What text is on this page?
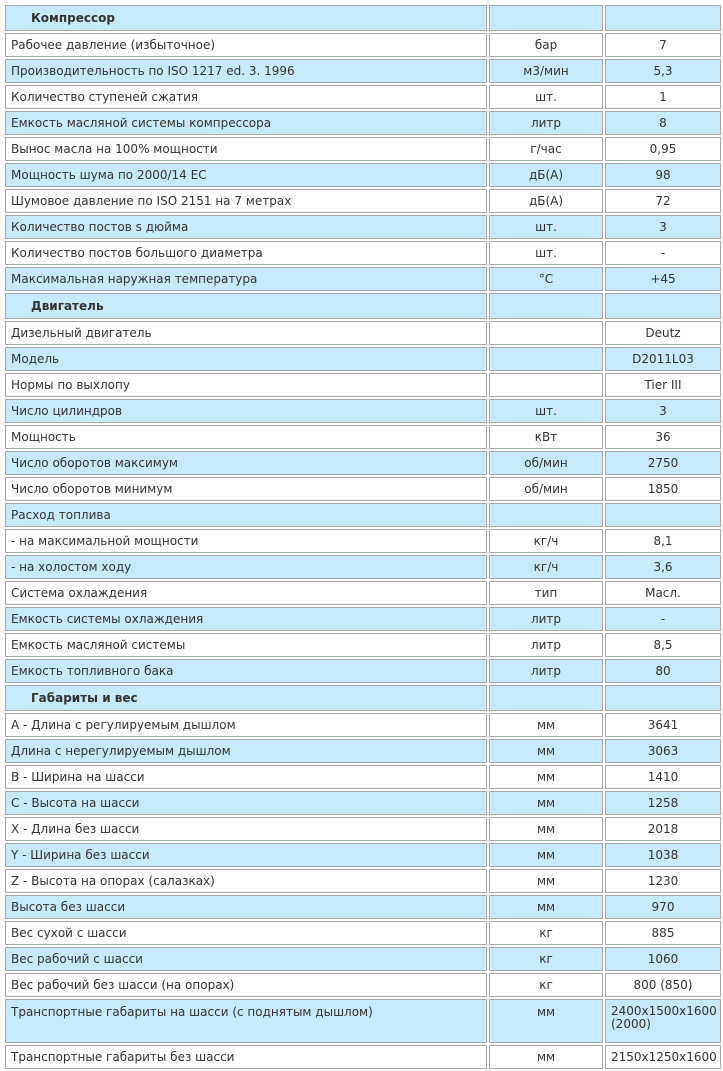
Компрессор		
Рабочее давление (избыточное)	бар	7
Производительность по ISO 1217 ed. 3. 1996	м3/мин	5,3
Количество ступеней сжатия	шт.	1
Емкость масляной системы компрессора	литр	8
Вынос масла на 100% мощности	г/час	0,95
Мощность шума по 2000/14 EC	дБ(А)	98
Шумовое давление по ISO 2151 на 7 метрах	дБ(А)	72
Количество постов s дюйма	шт.	3
Количество постов большого диаметра	шт.	-
Максимальная наружная температура	°C	+45
Двигатель		
Дизельный двигатель		Deutz
Модель		D2011L03
Нормы по выхлопу		Tier III
Число цилиндров	шт.	3
Мощность	кВт	36
Число оборотов максимум	об/мин	2750
Число оборотов минимум	об/мин	1850
Расход топлива		
- на максимальной мощности	кг/ч	8,1
- на холостом ходу	кг/ч	3,6
Система охлаждения	тип	Масл.
Емкость системы охлаждения	литр	-
Емкость масляной системы	литр	8,5
Емкость топливного бака	литр	80
Габариты и вес		
А - Длина с регулируемым дышлом	мм	3641
Длина с нерегулируемым дышлом	мм	3063
В - Ширина на шасси	мм	1410
С - Высота на шасси	мм	1258
X - Длина без шасси	мм	2018
Y - Ширина без шасси	мм	1038
Z - Высота на опорах (салазках)	мм	1230
Высота без шасси	мм	970
Вес сухой с шасси	кг	885
Вес рабочий с шасси	кг	1060
Вес рабочий без шасси (на опорах)	кг	800 (850)
Транспортные габариты на шасси (с поднятым дышлом)	мм	2400x1500x1600 (2000)
Транспортные габариты без шасси	мм	2150x1250x1600
